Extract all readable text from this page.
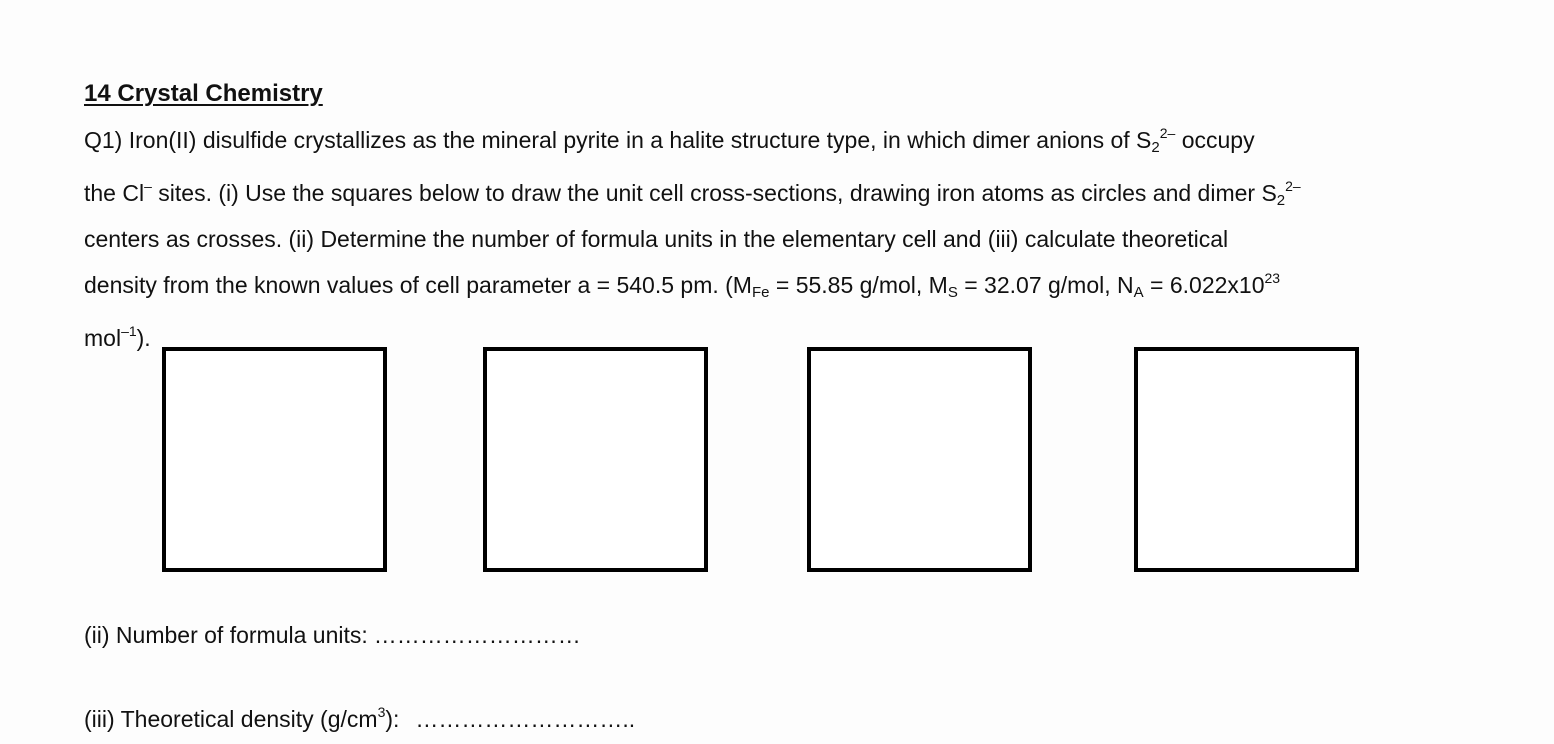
14 Crystal Chemistry
Q1) Iron(II) disulfide crystallizes as the mineral pyrite in a halite structure type, in which dimer anions of $S_2^{2-}$ occupy
the Cl– sites. (i) Use the squares below to draw the unit cell cross-sections, drawing iron atoms as circles and dimer $S_2^{2-}$
centers as crosses. (ii) Determine the number of formula units in the elementary cell and (iii) calculate theoretical
density from the known values of cell parameter a = 540.5 pm. ($M_{Fe} = 55.85$ g/mol, $M_S = 32.07$ g/mol, $N_A = 6.022x10^{23}$
mol$^{-1}$).
(ii) Number of formula units: ………………………
(iii) Theoretical density $(g/cm^3)$: ………………………..
